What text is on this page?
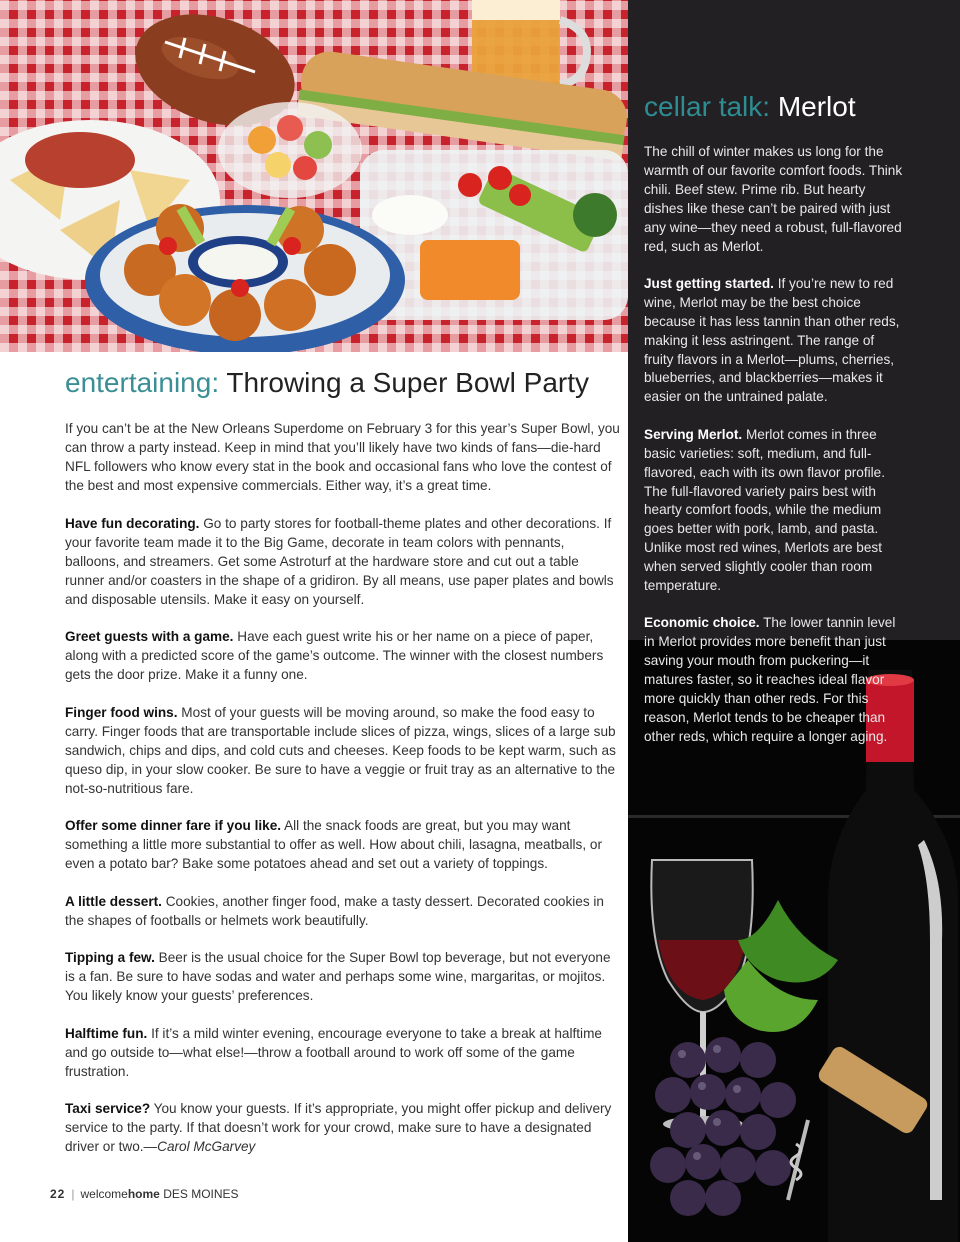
entertaining: Throwing a Super Bowl Party

If you can’t be at the New Orleans Superdome on February 3 for this year’s Super Bowl, you can throw a party instead. Keep in mind that you’ll likely have two kinds of fans—die-hard NFL followers who know every stat in the book and occasional fans who love the contest of the best and most expensive commercials. Either way, it’s a great time.

Have fun decorating. Go to party stores for football-theme plates and other decorations. If your favorite team made it to the Big Game, decorate in team colors with pennants, balloons, and streamers. Get some Astroturf at the hardware store and cut out a table runner and/or coasters in the shape of a gridiron. By all means, use paper plates and bowls and disposable utensils. Make it easy on yourself.

Greet guests with a game. Have each guest write his or her name on a piece of paper, along with a predicted score of the game’s outcome. The winner with the closest numbers gets the door prize. Make it a funny one.

Finger food wins. Most of your guests will be moving around, so make the food easy to carry. Finger foods that are transportable include slices of pizza, wings, slices of a large sub sandwich, chips and dips, and cold cuts and cheeses. Keep foods to be kept warm, such as queso dip, in your slow cooker. Be sure to have a veggie or fruit tray as an alternative to the not-so-nutritious fare.

Offer some dinner fare if you like. All the snack foods are great, but you may want something a little more substantial to offer as well. How about chili, lasagna, meatballs, or even a potato bar? Bake some potatoes ahead and set out a variety of toppings.

A little dessert. Cookies, another finger food, make a tasty dessert. Decorated cookies in the shapes of footballs or helmets work beautifully.

Tipping a few. Beer is the usual choice for the Super Bowl top beverage, but not everyone is a fan. Be sure to have sodas and water and perhaps some wine, margaritas, or mojitos. You likely know your guests’ preferences.

Halftime fun. If it’s a mild winter evening, encourage everyone to take a break at halftime and go outside to—what else!—throw a football around to work off some of the game frustration.

Taxi service? You know your guests. If it’s appropriate, you might offer pickup and delivery service to the party. If that doesn’t work for your crowd, make sure to have a designated driver or two.—Carol McGarvey

22 | welcomehome DES MOINES
cellar talk: Merlot

The chill of winter makes us long for the warmth of our favorite comfort foods. Think chili. Beef stew. Prime rib. But hearty dishes like these can’t be paired with just any wine—they need a robust, full-flavored red, such as Merlot.

Just getting started. If you’re new to red wine, Merlot may be the best choice because it has less tannin than other reds, making it less astringent. The range of fruity flavors in a Merlot—plums, cherries, blueberries, and blackberries—makes it easier on the untrained palate.

Serving Merlot. Merlot comes in three basic varieties: soft, medium, and full-flavored, each with its own flavor profile. The full-flavored variety pairs best with hearty comfort foods, while the medium goes better with pork, lamb, and pasta. Unlike most red wines, Merlots are best when served slightly cooler than room temperature.

Economic choice. The lower tannin level in Merlot provides more benefit than just saving your mouth from puckering—it matures faster, so it reaches ideal flavor more quickly than other reds. For this reason, Merlot tends to be cheaper than other reds, which require a longer aging.
